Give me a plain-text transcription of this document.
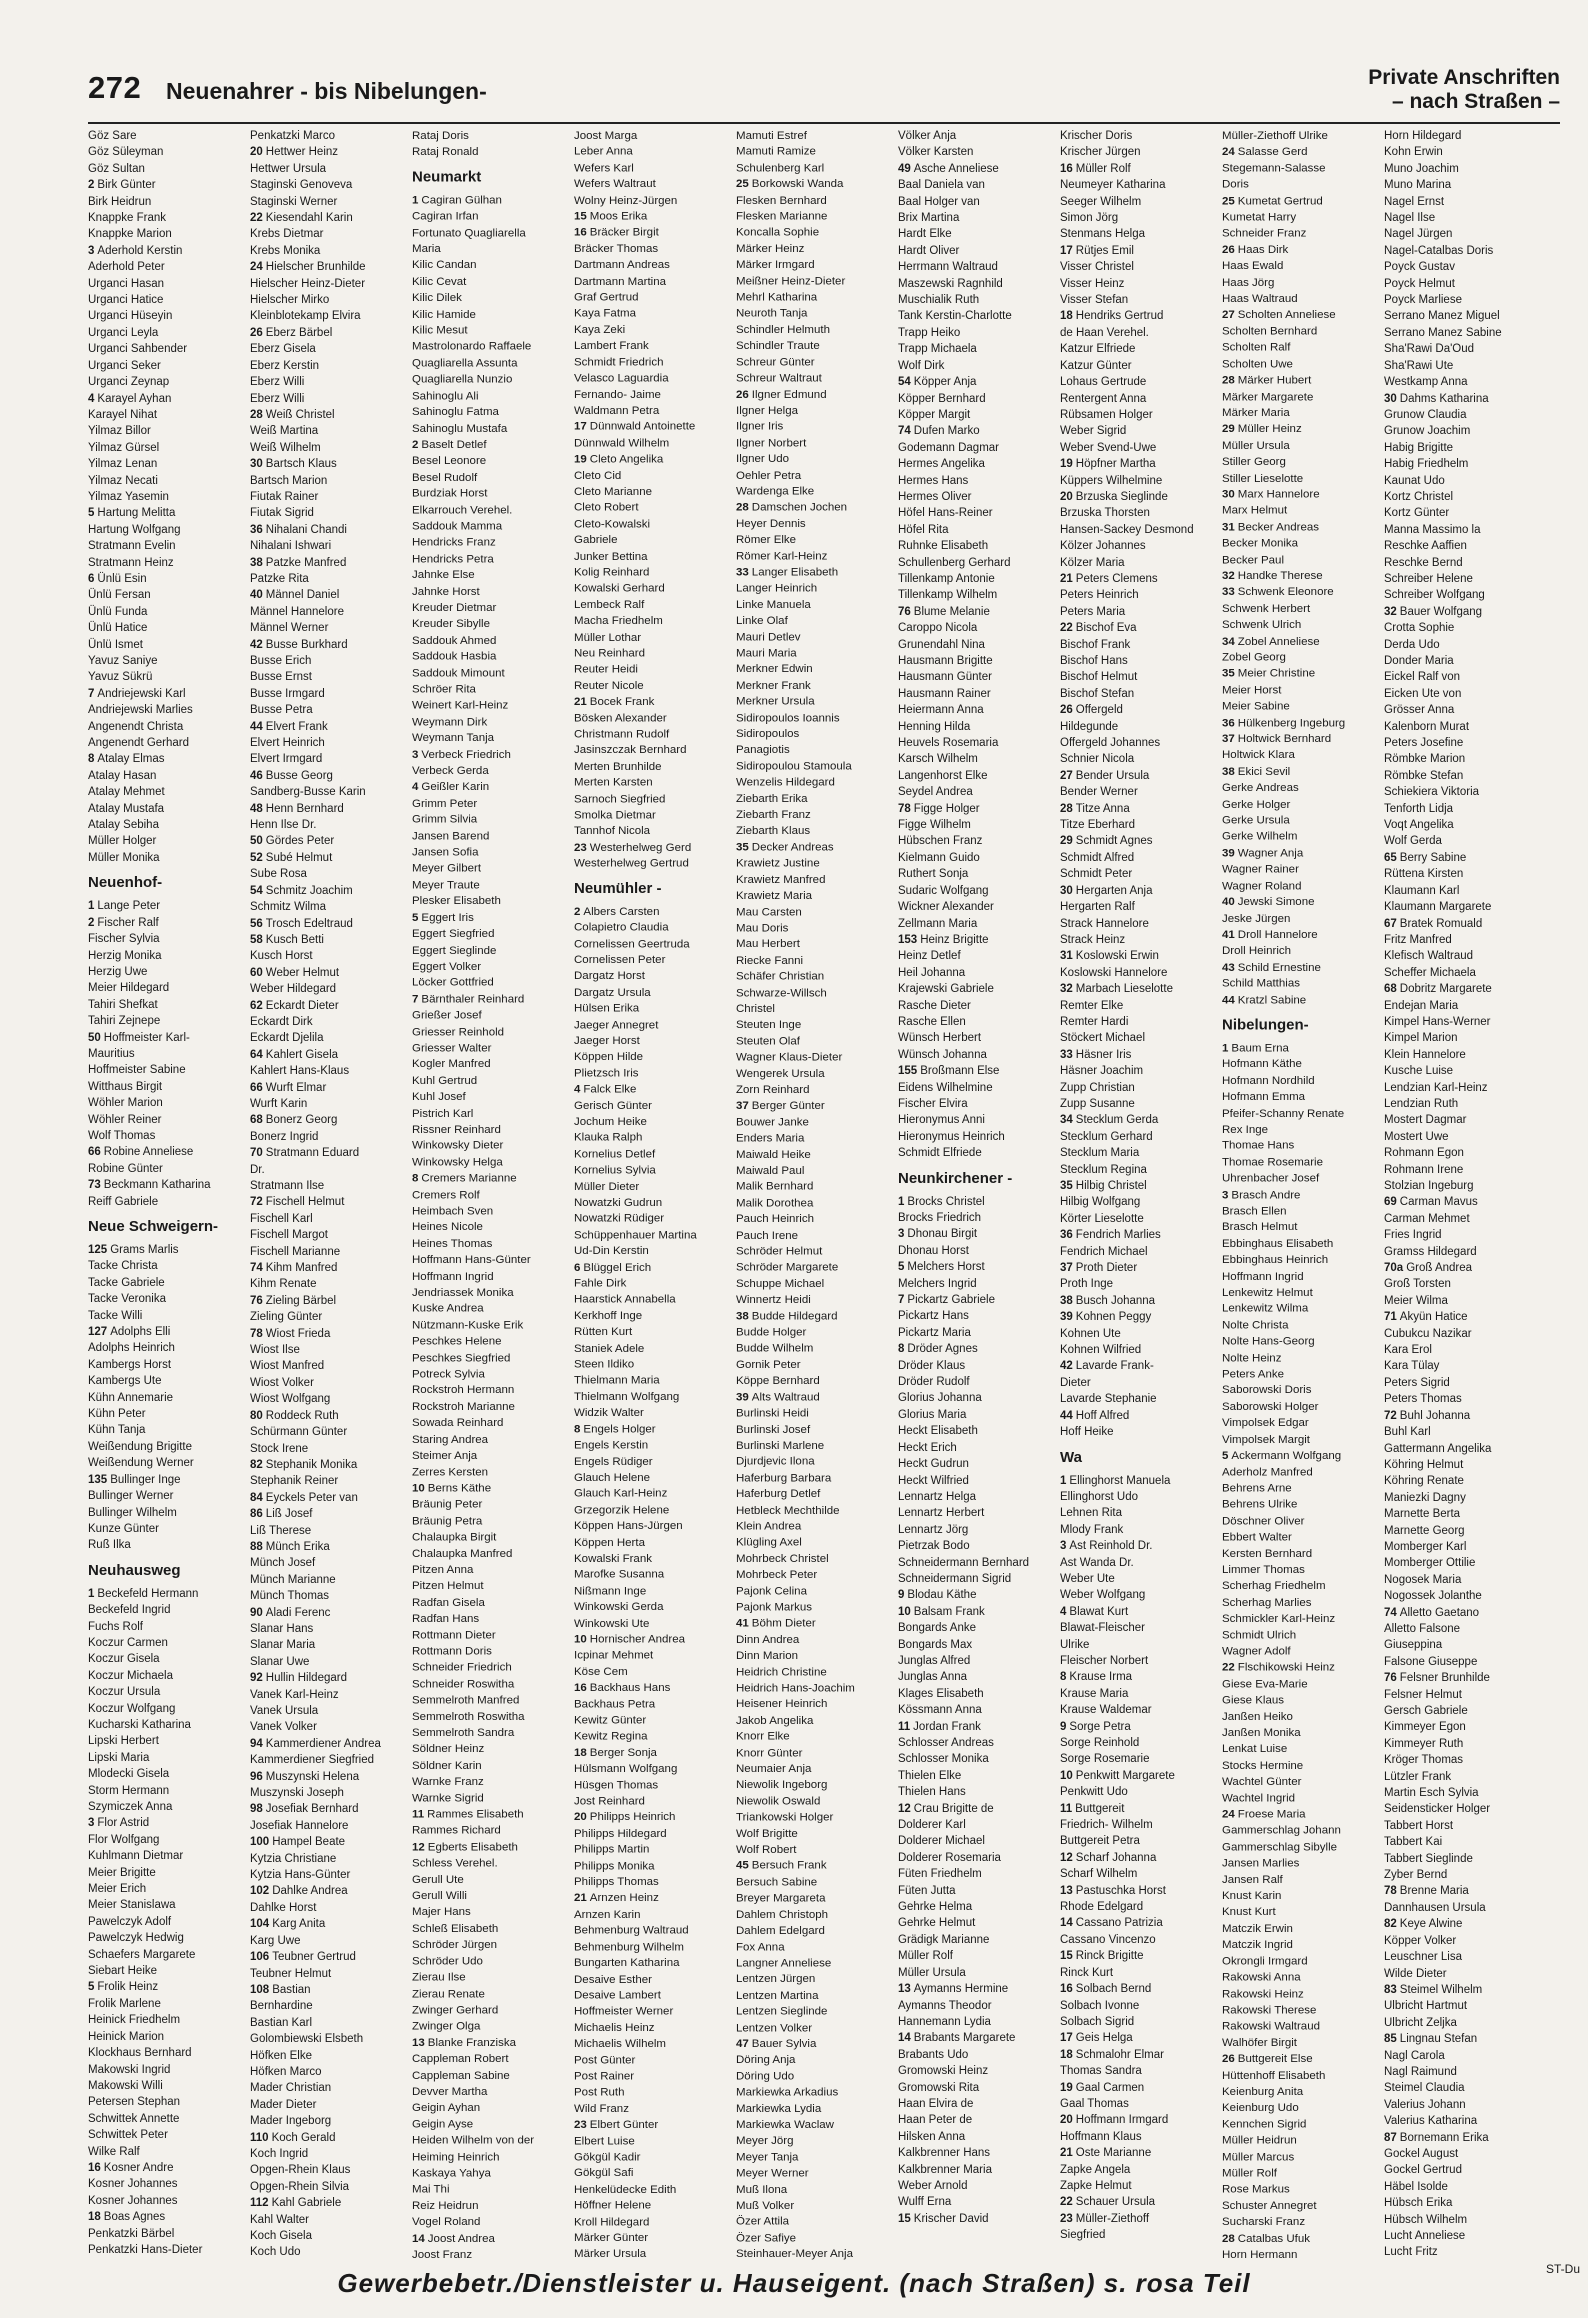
272 Neuenahrer - bis Nibelungen-
Private Anschriften
– nach Straßen –
Göz Sare
Göz Süleyman
Göz Sultan
2 Birk Günter
Birk Heidrun
Knappke Frank
Knappke Marion
3 Aderhold Kerstin
Aderhold Peter
Urganci Hasan
Urganci Hatice
Urganci Hüseyin
Urganci Leyla
Urganci Sahbender
Urganci Seker
Urganci Zeynap
4 Karayel Ayhan
Karayel Nihat
Yilmaz Billor
Yilmaz Gürsel
Yilmaz Lenan
Yilmaz Necati
Yilmaz Yasemin
5 Hartung Melitta
Hartung Wolfgang
Stratmann Evelin
Stratmann Heinz
6 Ünlü Esin
Ünlü Fersan
Ünlü Funda
Ünlü Hatice
Ünlü Ismet
Yavuz Saniye
Yavuz Sükrü
7 Andriejewski Karl
Andriejewski Marlies
Angenendt Christa
Angenendt Gerhard
8 Atalay Elmas
Atalay Hasan
Atalay Mehmet
Atalay Mustafa
Atalay Sebiha
Müller Holger
Müller Monika
Neuenhof-
1 Lange Peter
2 Fischer Ralf
Fischer Sylvia
Herzig Monika
Herzig Uwe
Meier Hildegard
Tahiri Shefkat
Tahiri Zejnepe
50 Hoffmeister Karl-
Mauritius
Hoffmeister Sabine
Witthaus Birgit
Wöhler Marion
Wöhler Reiner
Wolf Thomas
66 Robine Anneliese
Robine Günter
73 Beckmann Katharina
Reiff Gabriele
Neue Schweigern-
125 Grams Marlis
Tacke Christa
Tacke Gabriele
Tacke Veronika
Tacke Willi
127 Adolphs Elli
Adolphs Heinrich
Kambergs Horst
Kambergs Ute
Kühn Annemarie
Kühn Peter
Kühn Tanja
Weißendung Brigitte
Weißendung Werner
135 Bullinger Inge
Bullinger Werner
Bullinger Wilhelm
Kunze Günter
Ruß Ilka
Neuhausweg
1 Beckefeld Hermann
Beckefeld Ingrid
Fuchs Rolf
Koczur Carmen
Koczur Gisela
Koczur Michaela
Koczur Ursula
Koczur Wolfgang
Kucharski Katharina
Lipski Herbert
Lipski Maria
Mlodecki Gisela
Storm Hermann
Szymiczek Anna
3 Flor Astrid
Flor Wolfgang
Kuhlmann Dietmar
Meier Brigitte
Meier Erich
Meier Stanislawa
Pawelczyk Adolf
Pawelczyk Hedwig
Schaefers Margarete
Siebart Heike
5 Frolik Heinz
Frolik Marlene
Heinick Friedhelm
Heinick Marion
Klockhaus Bernhard
Makowski Ingrid
Makowski Willi
Petersen Stephan
Schwittek Annette
Schwittek Peter
Wilke Ralf
16 Kosner Andre
Kosner Johannes
Kosner Johannes
18 Boas Agnes
Penkatzki Bärbel
Penkatzki Hans-Dieter
Penkatzki Marco
20 Hettwer Heinz
Hettwer Ursula
Staginski Genoveva
Staginski Werner
22 Kiesendahl Karin
Krebs Dietmar
Krebs Monika
24 Hielscher Brunhilde
Hielscher Heinz-Dieter
Hielscher Mirko
Kleinblotekamp Elvira
26 Eberz Bärbel
Eberz Gisela
Eberz Kerstin
Eberz Willi
Eberz Willi
28 Weiß Christel
Weiß Martina
Weiß Wilhelm
30 Bartsch Klaus
Bartsch Marion
Fiutak Rainer
Fiutak Sigrid
36 Nihalani Chandi
Nihalani Ishwari
38 Patzke Manfred
Patzke Rita
40 Männel Daniel
Männel Hannelore
Männel Werner
42 Busse Burkhard
Busse Erich
Busse Ernst
Busse Irmgard
Busse Petra
44 Elvert Frank
Elvert Heinrich
Elvert Irmgard
46 Busse Georg
Sandberg-Busse Karin
48 Henn Bernhard
Henn Ilse Dr.
50 Gördes Peter
52 Subé Helmut
Sube Rosa
54 Schmitz Joachim
Schmitz Wilma
56 Trosch Edeltraud
58 Kusch Betti
Kusch Horst
60 Weber Helmut
Weber Hildegard
62 Eckardt Dieter
Eckardt Dirk
Eckardt Djelila
64 Kahlert Gisela
Kahlert Hans-Klaus
66 Wurft Elmar
Wurft Karin
68 Bonerz Georg
Bonerz Ingrid
70 Stratmann Eduard
Dr.
Stratmann Ilse
72 Fischell Helmut
Fischell Karl
Fischell Margot
Fischell Marianne
74 Kihm Manfred
Kihm Renate
76 Zieling Bärbel
Zieling Günter
78 Wiost Frieda
Wiost Ilse
Wiost Manfred
Wiost Volker
Wiost Wolfgang
80 Roddeck Ruth
Schürmann Günter
Stock Irene
82 Stephanik Monika
Stephanik Reiner
84 Eyckels Peter van
86 Liß Josef
Liß Therese
88 Münch Erika
Münch Josef
Münch Marianne
Münch Thomas
90 Aladi Ferenc
Slanar Hans
Slanar Maria
Slanar Uwe
92 Hullin Hildegard
Vanek Karl-Heinz
Vanek Ursula
Vanek Volker
94 Kammerdiener Andrea
Kammerdiener Siegfried
96 Muszynski Helena
Muszynski Joseph
98 Josefiak Bernhard
Josefiak Hannelore
100 Hampel Beate
Kytzia Christiane
Kytzia Hans-Günter
102 Dahlke Andrea
Dahlke Horst
104 Karg Anita
Karg Uwe
106 Teubner Gertrud
Teubner Helmut
108 Bastian
Bernhardine
Bastian Karl
Golombiewski Elsbeth
Höfken Elke
Höfken Marco
Mader Christian
Mader Dieter
Mader Ingeborg
110 Koch Gerald
Koch Ingrid
Opgen-Rhein Klaus
Opgen-Rhein Silvia
112 Kahl Gabriele
Kahl Walter
Koch Gisela
Koch Udo
Rataj Doris
Rataj Ronald
Neumarkt
1 Cagiran Gülhan
Cagiran Irfan
Fortunato Quagliarella
Maria
Kilic Candan
Kilic Cevat
Kilic Dilek
Kilic Hamide
Kilic Mesut
Mastrolonardo Raffaele
Quagliarella Assunta
Quagliarella Nunzio
Sahinoglu Ali
Sahinoglu Fatma
Sahinoglu Mustafa
2 Baselt Detlef
Besel Leonore
Besel Rudolf
Burdziak Horst
Elkarrouch Verehel.
Saddouk Mamma
Hendricks Franz
Hendricks Petra
Jahnke Else
Jahnke Horst
Kreuder Dietmar
Kreuder Sibylle
Saddouk Ahmed
Saddouk Hasbia
Saddouk Mimount
Schröer Rita
Weinert Karl-Heinz
Weymann Dirk
Weymann Tanja
3 Verbeck Friedrich
Verbeck Gerda
4 Geißler Karin
Grimm Peter
Grimm Silvia
Jansen Barend
Jansen Sofia
Meyer Gilbert
Meyer Traute
Plesker Elisabeth
5 Eggert Iris
Eggert Siegfried
Eggert Sieglinde
Eggert Volker
Löcker Gottfried
7 Bärnthaler Reinhard
Grießer Josef
Griesser Reinhold
Griesser Walter
Kogler Manfred
Kuhl Gertrud
Kuhl Josef
Pistrich Karl
Rissner Reinhard
Winkowsky Dieter
Winkowsky Helga
8 Cremers Marianne
Cremers Rolf
Heimbach Sven
Heines Nicole
Heines Thomas
Hoffmann Hans-Günter
Hoffmann Ingrid
Jendriassek Monika
Kuske Andrea
Nützmann-Kuske Erik
Peschkes Helene
Peschkes Siegfried
Potreck Sylvia
Rockstroh Hermann
Rockstroh Marianne
Sowada Reinhard
Staring Andrea
Steimer Anja
Zerres Kersten
10 Berns Käthe
Bräunig Peter
Bräunig Petra
Chalaupka Birgit
Chalaupka Manfred
Pitzen Anna
Pitzen Helmut
Radfan Gisela
Radfan Hans
Rottmann Dieter
Rottmann Doris
Schneider Friedrich
Schneider Roswitha
Semmelroth Manfred
Semmelroth Roswitha
Semmelroth Sandra
Söldner Heinz
Söldner Karin
Warnke Franz
Warnke Sigrid
11 Rammes Elisabeth
Rammes Richard
12 Egberts Elisabeth
Schless Verehel.
Gerull Ute
Gerull Willi
Majer Hans
Schleß Elisabeth
Schröder Jürgen
Schröder Udo
Zierau Ilse
Zierau Renate
Zwinger Gerhard
Zwinger Olga
13 Blanke Franziska
Cappleman Robert
Cappleman Sabine
Devver Martha
Geigin Ayhan
Geigin Ayse
Heiden Wilhelm von der
Heiming Heinrich
Kaskaya Yahya
Mai Thi
Reiz Heidrun
Vogel Roland
14 Joost Andrea
Joost Franz
Joost Marga
Leber Anna
Wefers Karl
Wefers Waltraut
Wolny Heinz-Jürgen
15 Moos Erika
16 Bräcker Birgit
Bräcker Thomas
Dartmann Andreas
Dartmann Martina
Graf Gertrud
Kaya Fatma
Kaya Zeki
Lambert Frank
Schmidt Friedrich
Velasco Laguardia
Fernando- Jaime
Waldmann Petra
17 Dünnwald Antoinette
Dünnwald Wilhelm
19 Cleto Angelika
Cleto Cid
Cleto Marianne
Cleto Robert
Cleto-Kowalski
Gabriele
Junker Bettina
Kolig Reinhard
Kowalski Gerhard
Lembeck Ralf
Macha Friedhelm
Müller Lothar
Neu Reinhard
Reuter Heidi
Reuter Nicole
21 Bocek Frank
Bösken Alexander
Christmann Rudolf
Jasinszczak Bernhard
Merten Brunhilde
Merten Karsten
Sarnoch Siegfried
Smolka Dietmar
Tannhof Nicola
23 Westerhelweg Gerd
Westerhelweg Gertrud
Neumühler -
2 Albers Carsten
Colapietro Claudia
Cornelissen Geertruda
Cornelissen Peter
Dargatz Horst
Dargatz Ursula
Hülsen Erika
Jaeger Annegret
Jaeger Horst
Köppen Hilde
Plietzsch Iris
4 Falck Elke
Gerisch Günter
Jochum Heike
Klauka Ralph
Kornelius Detlef
Kornelius Sylvia
Müller Dieter
Nowatzki Gudrun
Nowatzki Rüdiger
Schüppenhauer Martina
Ud-Din Kerstin
6 Blüggel Erich
Fahle Dirk
Haarstick Annabella
Kerkhoff Inge
Rütten Kurt
Staniek Adele
Steen Ildiko
Thielmann Maria
Thielmann Wolfgang
Widzik Walter
8 Engels Holger
Engels Kerstin
Engels Rüdiger
Glauch Helene
Glauch Karl-Heinz
Grzegorzik Helene
Köppen Hans-Jürgen
Köppen Herta
Kowalski Frank
Marofke Susanna
Nißmann Inge
Winkowski Gerda
Winkowski Ute
10 Hornischer Andrea
Icpinar Mehmet
Köse Cem
16 Backhaus Hans
Backhaus Petra
Kewitz Günter
Kewitz Regina
18 Berger Sonja
Hülsmann Wolfgang
Hüsgen Thomas
Jost Reinhard
20 Philipps Heinrich
Philipps Hildegard
Philipps Martin
Philipps Monika
Philipps Thomas
21 Arnzen Heinz
Arnzen Karin
Behmenburg Waltraud
Behmenburg Wilhelm
Bungarten Katharina
Desaive Esther
Desaive Lambert
Hoffmeister Werner
Michaelis Heinz
Michaelis Wilhelm
Post Günter
Post Rainer
Post Ruth
Wild Franz
23 Elbert Günter
Elbert Luise
Gökgül Kadir
Gökgül Safi
Henkelüdecke Edith
Höffner Helene
Kroll Hildegard
Märker Günter
Märker Ursula
Mamuti Estref
Mamuti Ramize
Schulenberg Karl
25 Borkowski Wanda
Flesken Bernhard
Flesken Marianne
Koncalla Sophie
Märker Heinz
Märker Irmgard
Meißner Heinz-Dieter
Mehrl Katharina
Neuroth Tanja
Schindler Helmuth
Schindler Traute
Schreur Günter
Schreur Waltraut
26 Ilgner Edmund
Ilgner Helga
Ilgner Iris
Ilgner Norbert
Ilgner Udo
Oehler Petra
Wardenga Elke
28 Damschen Jochen
Heyer Dennis
Römer Elke
Römer Karl-Heinz
33 Langer Elisabeth
Langer Heinrich
Linke Manuela
Linke Olaf
Mauri Detlev
Mauri Maria
Merkner Edwin
Merkner Frank
Merkner Ursula
Sidiropoulos Ioannis
Sidiropoulos
Panagiotis
Sidiropoulou Stamoula
Wenzelis Hildegard
Ziebarth Erika
Ziebarth Franz
Ziebarth Klaus
35 Decker Andreas
Krawietz Justine
Krawietz Manfred
Krawietz Maria
Mau Carsten
Mau Doris
Mau Herbert
Riecke Fanni
Schäfer Christian
Schwarze-Willsch
Christel
Steuten Inge
Steuten Olaf
Wagner Klaus-Dieter
Wengerek Ursula
Zorn Reinhard
37 Berger Günter
Bouwer Janke
Enders Maria
Maiwald Heike
Maiwald Paul
Malik Bernhard
Malik Dorothea
Pauch Heinrich
Pauch Irene
Schröder Helmut
Schröder Margarete
Schuppe Michael
Winnertz Heidi
38 Budde Hildegard
Budde Holger
Budde Wilhelm
Gornik Peter
Köppe Bernhard
39 Alts Waltraud
Burlinski Heidi
Burlinski Josef
Burlinski Marlene
Djurdjevic Ilona
Haferburg Barbara
Haferburg Detlef
Hetbleck Mechthilde
Klein Andrea
Klügling Axel
Mohrbeck Christel
Mohrbeck Peter
Pajonk Celina
Pajonk Markus
41 Böhm Dieter
Dinn Andrea
Dinn Marion
Heidrich Christine
Heidrich Hans-Joachim
Heisener Heinrich
Jakob Angelika
Knorr Elke
Knorr Günter
Neumaier Anja
Niewolik Ingeborg
Niewolik Oswald
Triankowski Holger
Wolf Brigitte
Wolf Robert
45 Bersuch Frank
Bersuch Sabine
Breyer Margareta
Dahlem Christoph
Dahlem Edelgard
Fox Anna
Langner Anneliese
Lentzen Jürgen
Lentzen Martina
Lentzen Sieglinde
Lentzen Volker
47 Bauer Sylvia
Döring Anja
Döring Udo
Markiewka Arkadius
Markiewka Lydia
Markiewka Waclaw
Meyer Jörg
Meyer Tanja
Meyer Werner
Muß Ilona
Muß Volker
Özer Attila
Özer Safiye
Steinhauer-Meyer Anja
Völker Anja
Völker Karsten
49 Asche Anneliese
Baal Daniela van
Baal Holger van
Brix Martina
Hardt Elke
Hardt Oliver
Herrmann Waltraud
Maszewski Ragnhild
Muschialik Ruth
Tank Kerstin-Charlotte
Trapp Heiko
Trapp Michaela
Wolf Dirk
54 Köpper Anja
Köpper Bernhard
Köpper Margit
74 Dufen Marko
Godemann Dagmar
Hermes Angelika
Hermes Hans
Hermes Oliver
Höfel Hans-Reiner
Höfel Rita
Ruhnke Elisabeth
Schullenberg Gerhard
Tillenkamp Antonie
Tillenkamp Wilhelm
76 Blume Melanie
Caroppo Nicola
Grunendahl Nina
Hausmann Brigitte
Hausmann Günter
Hausmann Rainer
Heiermann Anna
Henning Hilda
Heuvels Rosemaria
Karsch Wilhelm
Langenhorst Elke
Seydel Andrea
78 Figge Holger
Figge Wilhelm
Hübschen Franz
Kielmann Guido
Ruthert Sonja
Sudaric Wolfgang
Wickner Alexander
Zellmann Maria
153 Heinz Brigitte
Heinz Detlef
Heil Johanna
Krajewski Gabriele
Rasche Dieter
Rasche Ellen
Wünsch Herbert
Wünsch Johanna
155 Broßmann Else
Eidens Wilhelmine
Fischer Elvira
Hieronymus Anni
Hieronymus Heinrich
Schmidt Elfriede
Neunkirchener -
1 Brocks Christel
Brocks Friedrich
3 Dhonau Birgit
Dhonau Horst
5 Melchers Horst
Melchers Ingrid
7 Pickartz Gabriele
Pickartz Hans
Pickartz Maria
8 Dröder Agnes
Dröder Klaus
Dröder Rudolf
Glorius Johanna
Glorius Maria
Heckt Elisabeth
Heckt Erich
Heckt Gudrun
Heckt Wilfried
Lennartz Helga
Lennartz Herbert
Lennartz Jörg
Pietrzak Bodo
Schneidermann Bernhard
Schneidermann Sigrid
9 Blodau Käthe
10 Balsam Frank
Bongards Anke
Bongards Max
Junglas Alfred
Junglas Anna
Klages Elisabeth
Kössmann Anna
11 Jordan Frank
Schlosser Andreas
Schlosser Monika
Thielen Elke
Thielen Hans
12 Crau Brigitte de
Dolderer Karl
Dolderer Michael
Dolderer Rosemaria
Füten Friedhelm
Füten Jutta
Gehrke Helma
Gehrke Helmut
Grädigk Marianne
Müller Rolf
Müller Ursula
13 Aymanns Hermine
Aymanns Theodor
Hannemann Lydia
14 Brabants Margarete
Brabants Udo
Gromowski Heinz
Gromowski Rita
Haan Elvira de
Haan Peter de
Hilsken Anna
Kalkbrenner Hans
Kalkbrenner Maria
Weber Arnold
Wulff Erna
15 Krischer David
Krischer Doris
Krischer Jürgen
16 Müller Rolf
Neumeyer Katharina
Seeger Wilhelm
Simon Jörg
Stenmans Helga
17 Rütjes Emil
Visser Christel
Visser Heinz
Visser Stefan
18 Hendriks Gertrud
de Haan Verehel.
Katzur Elfriede
Katzur Günter
Lohaus Gertrude
Rentergent Anna
Rübsamen Holger
Weber Sigrid
Weber Svend-Uwe
19 Höpfner Martha
Küppers Wilhelmine
20 Brzuska Sieglinde
Brzuska Thorsten
Hansen-Sackey Desmond
Kölzer Johannes
Kölzer Maria
21 Peters Clemens
Peters Heinrich
Peters Maria
22 Bischof Eva
Bischof Frank
Bischof Hans
Bischof Helmut
Bischof Stefan
26 Offergeld
Hildegunde
Offergeld Johannes
Schnier Nicola
27 Bender Ursula
Bender Werner
28 Titze Anna
Titze Eberhard
29 Schmidt Agnes
Schmidt Alfred
Schmidt Peter
30 Hergarten Anja
Hergarten Ralf
Strack Hannelore
Strack Heinz
31 Koslowski Erwin
Koslowski Hannelore
32 Marbach Lieselotte
Remter Elke
Remter Hardi
Stöckert Michael
33 Häsner Iris
Häsner Joachim
Zupp Christian
Zupp Susanne
34 Stecklum Gerda
Stecklum Gerhard
Stecklum Maria
Stecklum Regina
35 Hilbig Christel
Hilbig Wolfgang
Körter Lieselotte
36 Fendrich Marlies
Fendrich Michael
37 Proth Dieter
Proth Inge
38 Busch Johanna
39 Kohnen Peggy
Kohnen Ute
Kohnen Wilfried
42 Lavarde Frank-
Dieter
Lavarde Stephanie
44 Hoff Alfred
Hoff Heike
Wa
1 Ellinghorst Manuela
Ellinghorst Udo
Lehnen Rita
Mlody Frank
3 Ast Reinhold Dr.
Ast Wanda Dr.
Weber Ute
Weber Wolfgang
4 Blawat Kurt
Blawat-Fleischer
Ulrike
Fleischer Norbert
8 Krause Irma
Krause Maria
Krause Waldemar
9 Sorge Petra
Sorge Reinhold
Sorge Rosemarie
10 Penkwitt Margarete
Penkwitt Udo
11 Buttgereit
Friedrich- Wilhelm
Buttgereit Petra
12 Scharf Johanna
Scharf Wilhelm
13 Pastuschka Horst
Rhode Edelgard
14 Cassano Patrizia
Cassano Vincenzo
15 Rinck Brigitte
Rinck Kurt
16 Solbach Bernd
Solbach Ivonne
Solbach Sigrid
17 Geis Helga
18 Schmalohr Elmar
Thomas Sandra
19 Gaal Carmen
Gaal Thomas
20 Hoffmann Irmgard
Hoffmann Klaus
21 Oste Marianne
Zapke Angela
Zapke Helmut
22 Schauer Ursula
23 Müller-Ziethoff
Siegfried
Müller-Ziethoff Ulrike
24 Salasse Gerd
Stegemann-Salasse
Doris
25 Kumetat Gertrud
Kumetat Harry
Schneider Franz
26 Haas Dirk
Haas Ewald
Haas Jörg
Haas Waltraud
27 Scholten Anneliese
Scholten Bernhard
Scholten Ralf
Scholten Uwe
28 Märker Hubert
Märker Margarete
Märker Maria
29 Müller Heinz
Müller Ursula
Stiller Georg
Stiller Lieselotte
30 Marx Hannelore
Marx Helmut
31 Becker Andreas
Becker Monika
Becker Paul
32 Handke Therese
33 Schwenk Eleonore
Schwenk Herbert
Schwenk Ulrich
34 Zobel Anneliese
Zobel Georg
35 Meier Christine
Meier Horst
Meier Sabine
36 Hülkenberg Ingeburg
37 Holtwick Bernhard
Holtwick Klara
38 Ekici Sevil
Gerke Andreas
Gerke Holger
Gerke Ursula
Gerke Wilhelm
39 Wagner Anja
Wagner Rainer
Wagner Roland
40 Jewski Simone
Jeske Jürgen
41 Droll Hannelore
Droll Heinrich
43 Schild Ernestine
Schild Matthias
44 Kratzl Sabine
Nibelungen-
1 Baum Erna
Hofmann Käthe
Hofmann Nordhild
Hofmann Emma
Pfeifer-Schanny Renate
Rex Inge
Thomae Hans
Thomae Rosemarie
Uhrenbacher Josef
3 Brasch Andre
Brasch Ellen
Brasch Helmut
Ebbinghaus Elisabeth
Ebbinghaus Heinrich
Hoffmann Ingrid
Lenkewitz Helmut
Lenkewitz Wilma
Nolte Christa
Nolte Hans-Georg
Nolte Heinz
Peters Anke
Saborowski Doris
Saborowski Holger
Vimpolsek Edgar
Vimpolsek Margit
5 Ackermann Wolfgang
Aderholz Manfred
Behrens Arne
Behrens Ulrike
Döschner Oliver
Ebbert Walter
Kersten Bernhard
Limmer Thomas
Scherhag Friedhelm
Scherhag Marlies
Schmickler Karl-Heinz
Schmidt Ulrich
Wagner Adolf
22 Flschikowski Heinz
Giese Eva-Marie
Giese Klaus
Janßen Heiko
Janßen Monika
Lenkat Luise
Stocks Hermine
Wachtel Günter
Wachtel Ingrid
24 Froese Maria
Gammerschlag Johann
Gammerschlag Sibylle
Jansen Marlies
Jansen Ralf
Knust Karin
Knust Kurt
Matczik Erwin
Matczik Ingrid
Okrongli Irmgard
Rakowski Anna
Rakowski Heinz
Rakowski Therese
Rakowski Waltraud
Walhöfer Birgit
26 Buttgereit Else
Hüttenhoff Elisabeth
Keienburg Anita
Keienburg Udo
Kennchen Sigrid
Müller Heidrun
Müller Marcus
Müller Rolf
Rose Markus
Schuster Annegret
Sucharski Franz
28 Catalbas Ufuk
Horn Hermann
Horn Hildegard
Kohn Erwin
Muno Joachim
Muno Marina
Nagel Ernst
Nagel Ilse
Nagel Jürgen
Nagel-Catalbas Doris
Poyck Gustav
Poyck Helmut
Poyck Marliese
Serrano Manez Miguel
Serrano Manez Sabine
Sha'Rawi Da'Oud
Sha'Rawi Ute
Westkamp Anna
30 Dahms Katharina
Grunow Claudia
Grunow Joachim
Habig Brigitte
Habig Friedhelm
Kaunat Udo
Kortz Christel
Kortz Günter
Manna Massimo la
Reschke Aaffien
Reschke Bernd
Schreiber Helene
Schreiber Wolfgang
32 Bauer Wolfgang
Crotta Sophie
Derda Udo
Donder Maria
Eickel Ralf von
Eicken Ute von
Grösser Anna
Kalenborn Murat
Peters Josefine
Römbke Marion
Römbke Stefan
Schiekiera Viktoria
Tenforth Lidja
Voqt Angelika
Wolf Gerda
65 Berry Sabine
Rüttena Kirsten
Klaumann Karl
Klaumann Margarete
67 Bratek Romuald
Fritz Manfred
Klefisch Waltraud
Scheffer Michaela
68 Dobritz Margarete
Endejan Maria
Kimpel Hans-Werner
Kimpel Marion
Klein Hannelore
Kusche Luise
Lendzian Karl-Heinz
Lendzian Ruth
Mostert Dagmar
Mostert Uwe
Rohmann Egon
Rohmann Irene
Stolzian Ingeburg
69 Carman Mavus
Carman Mehmet
Fries Ingrid
Gramss Hildegard
70a Groß Andrea
Groß Torsten
Meier Wilma
71 Akyün Hatice
Cubukcu Nazikar
Kara Erol
Kara Tülay
Peters Sigrid
Peters Thomas
72 Buhl Johanna
Buhl Karl
Gattermann Angelika
Köhring Helmut
Köhring Renate
Maniezki Dagny
Marnette Berta
Marnette Georg
Momberger Karl
Momberger Ottilie
Nogosek Maria
Nogossek Jolanthe
74 Alletto Gaetano
Alletto Falsone
Giuseppina
Falsone Giuseppe
76 Felsner Brunhilde
Felsner Helmut
Gersch Gabriele
Kimmeyer Egon
Kimmeyer Ruth
Kröger Thomas
Lützler Frank
Martin Esch Sylvia
Seidensticker Holger
Tabbert Horst
Tabbert Kai
Tabbert Sieglinde
Zyber Bernd
78 Brenne Maria
Dannhausen Ursula
82 Keye Alwine
Köpper Volker
Leuschner Lisa
Wilde Dieter
83 Steimel Wilhelm
Ulbricht Hartmut
Ulbricht Zeljka
85 Lingnau Stefan
Nagl Carola
Nagl Raimund
Steimel Claudia
Valerius Johann
Valerius Katharina
87 Bornemann Erika
Gockel August
Gockel Gertrud
Häbel Isolde
Hübsch Erika
Hübsch Wilhelm
Lucht Anneliese
Lucht Fritz
Gewerbebetr./Dienstleister u. Hauseigent. (nach Straßen) s. rosa Teil	ST-Du
